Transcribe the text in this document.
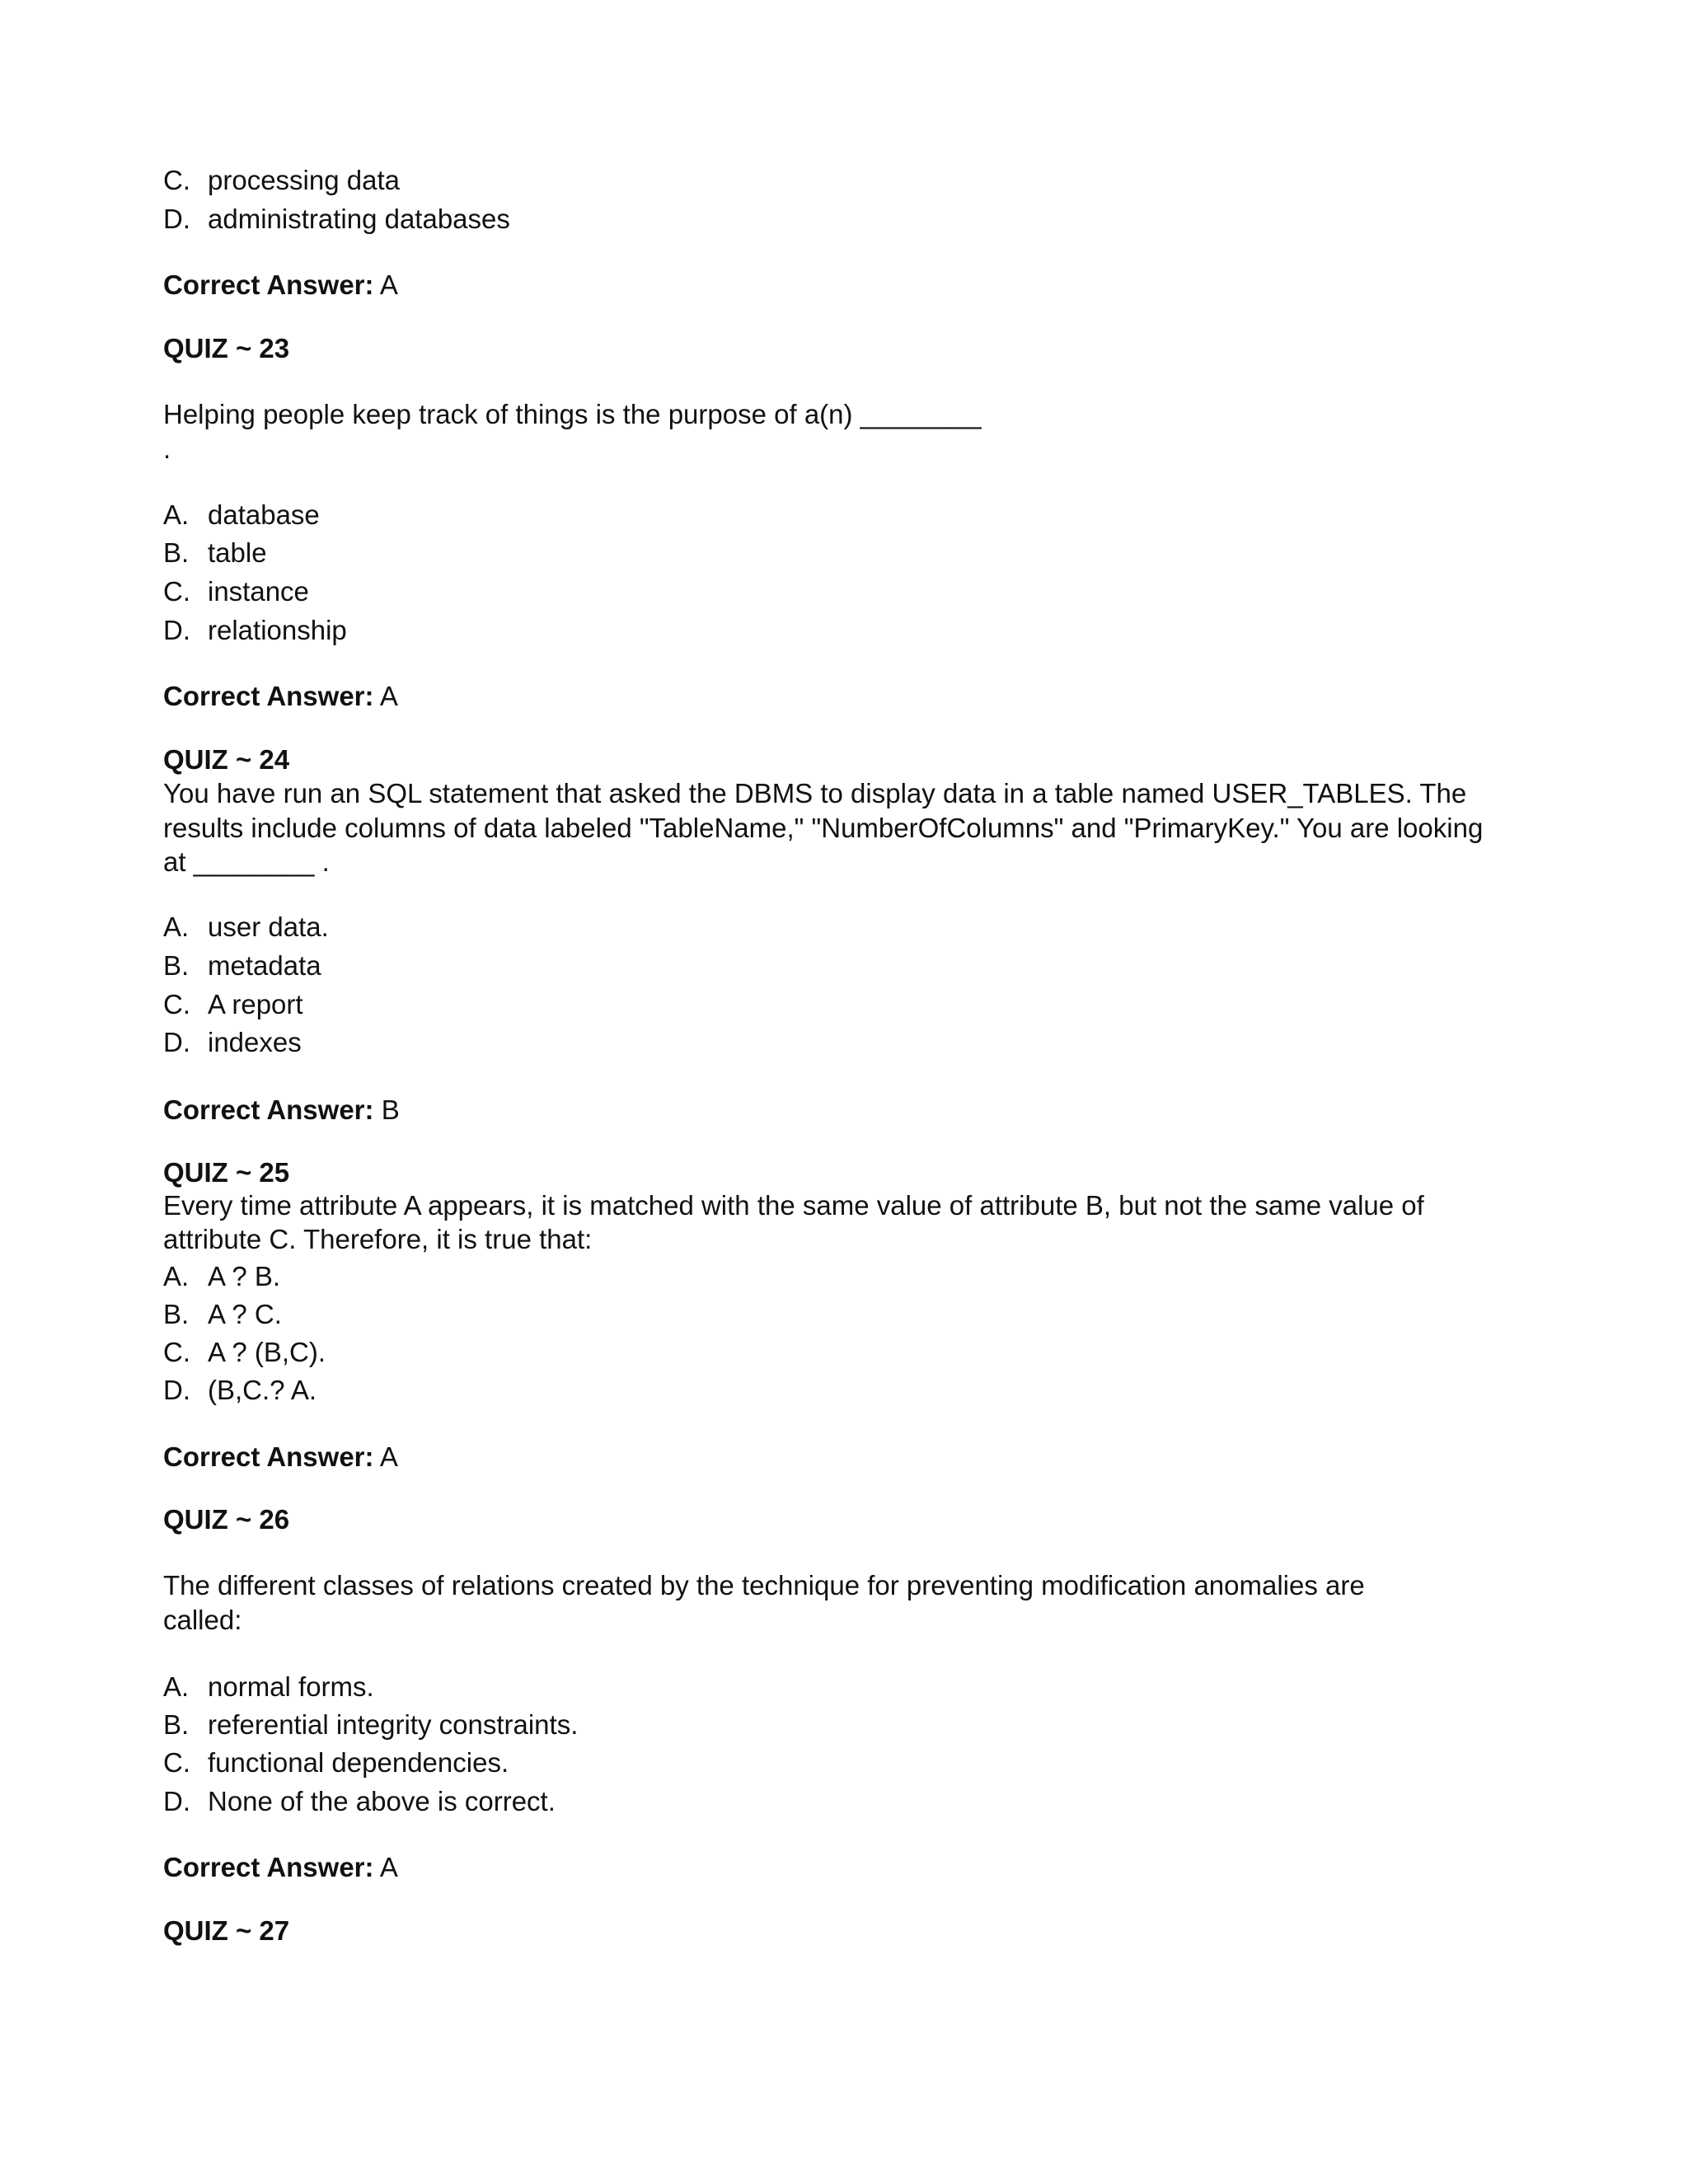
C. processing data
D. administrating databases
Correct Answer: A
QUIZ ~ 23
Helping people keep track of things is the purpose of a(n) ________
.
A. database
B. table
C. instance
D. relationship
Correct Answer: A
QUIZ ~ 24
You have run an SQL statement that asked the DBMS to display data in a table named USER_TABLES. The
results include columns of data labeled "TableName," "NumberOfColumns" and "PrimaryKey." You are looking
at ________ .
A. user data.
B. metadata
C. A report
D. indexes
Correct Answer: B
QUIZ ~ 25
Every time attribute A appears, it is matched with the same value of attribute B, but not the same value of
attribute C. Therefore, it is true that:
A. A ? B.
B. A ? C.
C. A ? (B,C).
D. (B,C.? A.
Correct Answer: A
QUIZ ~ 26
The different classes of relations created by the technique for preventing modification anomalies are
called:
A. normal forms.
B. referential integrity constraints.
C. functional dependencies.
D. None of the above is correct.
Correct Answer: A
QUIZ ~ 27
